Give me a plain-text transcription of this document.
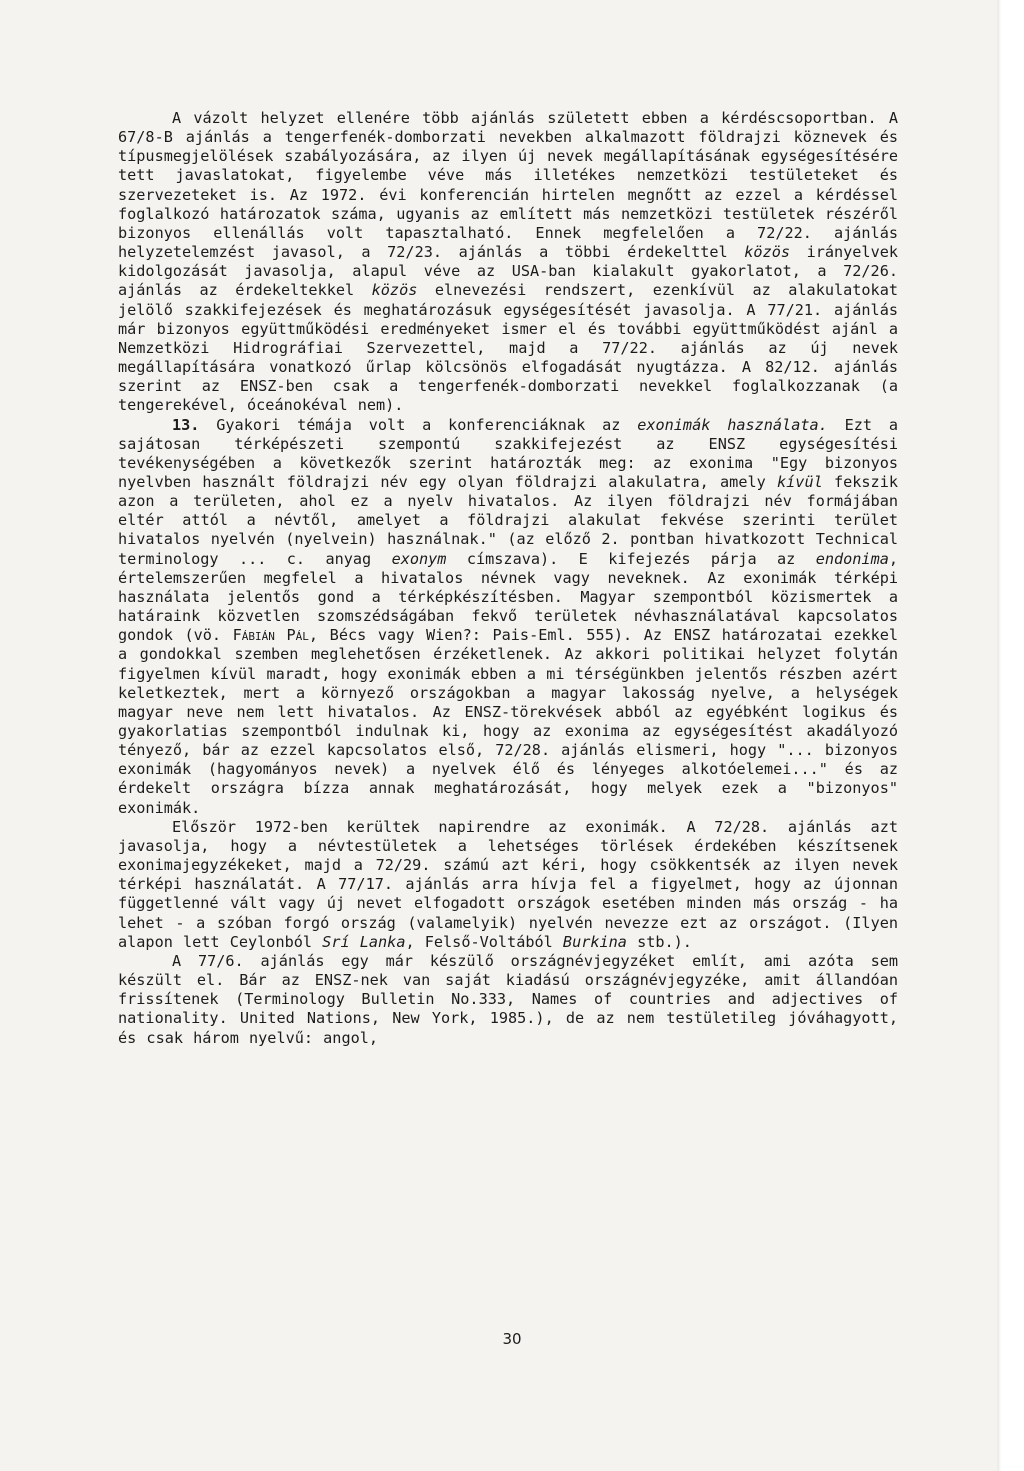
A vázolt helyzet ellenére több ajánlás született ebben a kérdéscsoportban. A 67/8-B ajánlás a tengerfenék-domborzati nevekben alkalmazott földrajzi köznevek és típusmegjelölések szabályozására, az ilyen új nevek megállapításának egységesítésére tett javaslatokat, figyelembe véve más illetékes nemzetközi testületeket és szervezeteket is. Az 1972. évi konferencián hirtelen megnőtt az ezzel a kérdéssel foglalkozó határozatok száma, ugyanis az említett más nemzetközi testületek részéről bizonyos ellenállás volt tapasztalható. Ennek megfelelően a 72/22. ajánlás helyzetelemzést javasol, a 72/23. ajánlás a többi érdekelttel közös irányelvek kidolgozását javasolja, alapul véve az USA-ban kialakult gyakorlatot, a 72/26. ajánlás az érdekeltekkel közös elnevezési rendszert, ezenkívül az alakulatokat jelölő szakkifejezések és meghatározásuk egységesítését javasolja. A 77/21. ajánlás már bizonyos együttműködési eredményeket ismer el és további együttműködést ajánl a Nemzetközi Hidrográfiai Szervezettel, majd a 77/22. ajánlás az új nevek megállapítására vonatkozó űrlap kölcsönös elfogadását nyugtázza. A 82/12. ajánlás szerint az ENSZ-ben csak a tengerfenék-domborzati nevekkel foglalkozzanak (a tengerekével, óceánokéval nem).

13. Gyakori témája volt a konferenciáknak az exonimák használata. Ezt a sajátosan térképészeti szempontú szakkifejezést az ENSZ egységesítési tevékenységében a következők szerint határozták meg: az exonima "Egy bizonyos nyelvben használt földrajzi név egy olyan földrajzi alakulatra, amely kívül fekszik azon a területen, ahol ez a nyelv hivatalos. Az ilyen földrajzi név formájában eltér attól a névtől, amelyet a földrajzi alakulat fekvése szerinti terület hivatalos nyelvén (nyelvein) használnak." (az előző 2. pontban hivatkozott Technical terminology ... c. anyag exonym címszava). E kifejezés párja az endonima, értelemszerűen megfelel a hivatalos névnek vagy neveknek. Az exonimák térképi használata jelentős gond a térképkészítésben. Magyar szempontból közismertek a határaink közvetlen szomszédságában fekvő területek névhasználatával kapcsolatos gondok (vö. Fábián Pál, Bécs vagy Wien?: Pais-Eml. 555). Az ENSZ határozatai ezekkel a gondokkal szemben meglehetősen érzéketlenek. Az akkori politikai helyzet folytán figyelmen kívül maradt, hogy exonimák ebben a mi térségünkben jelentős részben azért keletkeztek, mert a környező országokban a magyar lakosság nyelve, a helységek magyar neve nem lett hivatalos. Az ENSZ-törekvések abból az egyébként logikus és gyakorlatias szempontból indulnak ki, hogy az exonima az egységesítést akadályozó tényező, bár az ezzel kapcsolatos első, 72/28. ajánlás elismeri, hogy "... bizonyos exonimák (hagyományos nevek) a nyelvek élő és lényeges alkotóelemei..." és az érdekelt országra bízza annak meghatározását, hogy melyek ezek a "bizonyos" exonimák.

Először 1972-ben kerültek napirendre az exonimák. A 72/28. ajánlás azt javasolja, hogy a névtestületek a lehetséges törlések érdekében készítsenek exonimajegyzékeket, majd a 72/29. számú azt kéri, hogy csökkentsék az ilyen nevek térképi használatát. A 77/17. ajánlás arra hívja fel a figyelmet, hogy az újonnan függetlenné vált vagy új nevet elfogadott országok esetében minden más ország - ha lehet - a szóban forgó ország (valamelyik) nyelvén nevezze ezt az országot. (Ilyen alapon lett Ceylonból Srí Lanka, Felső-Voltából Burkina stb.).

A 77/6. ajánlás egy már készülő országnévjegyzéket említ, ami azóta sem készült el. Bár az ENSZ-nek van saját kiadású országnévjegyzéke, amit állandóan frissítenek (Terminology Bulletin No.333, Names of countries and adjectives of nationality. United Nations, New York, 1985.), de az nem testületileg jóváhagyott, és csak három nyelvű: angol,

30
